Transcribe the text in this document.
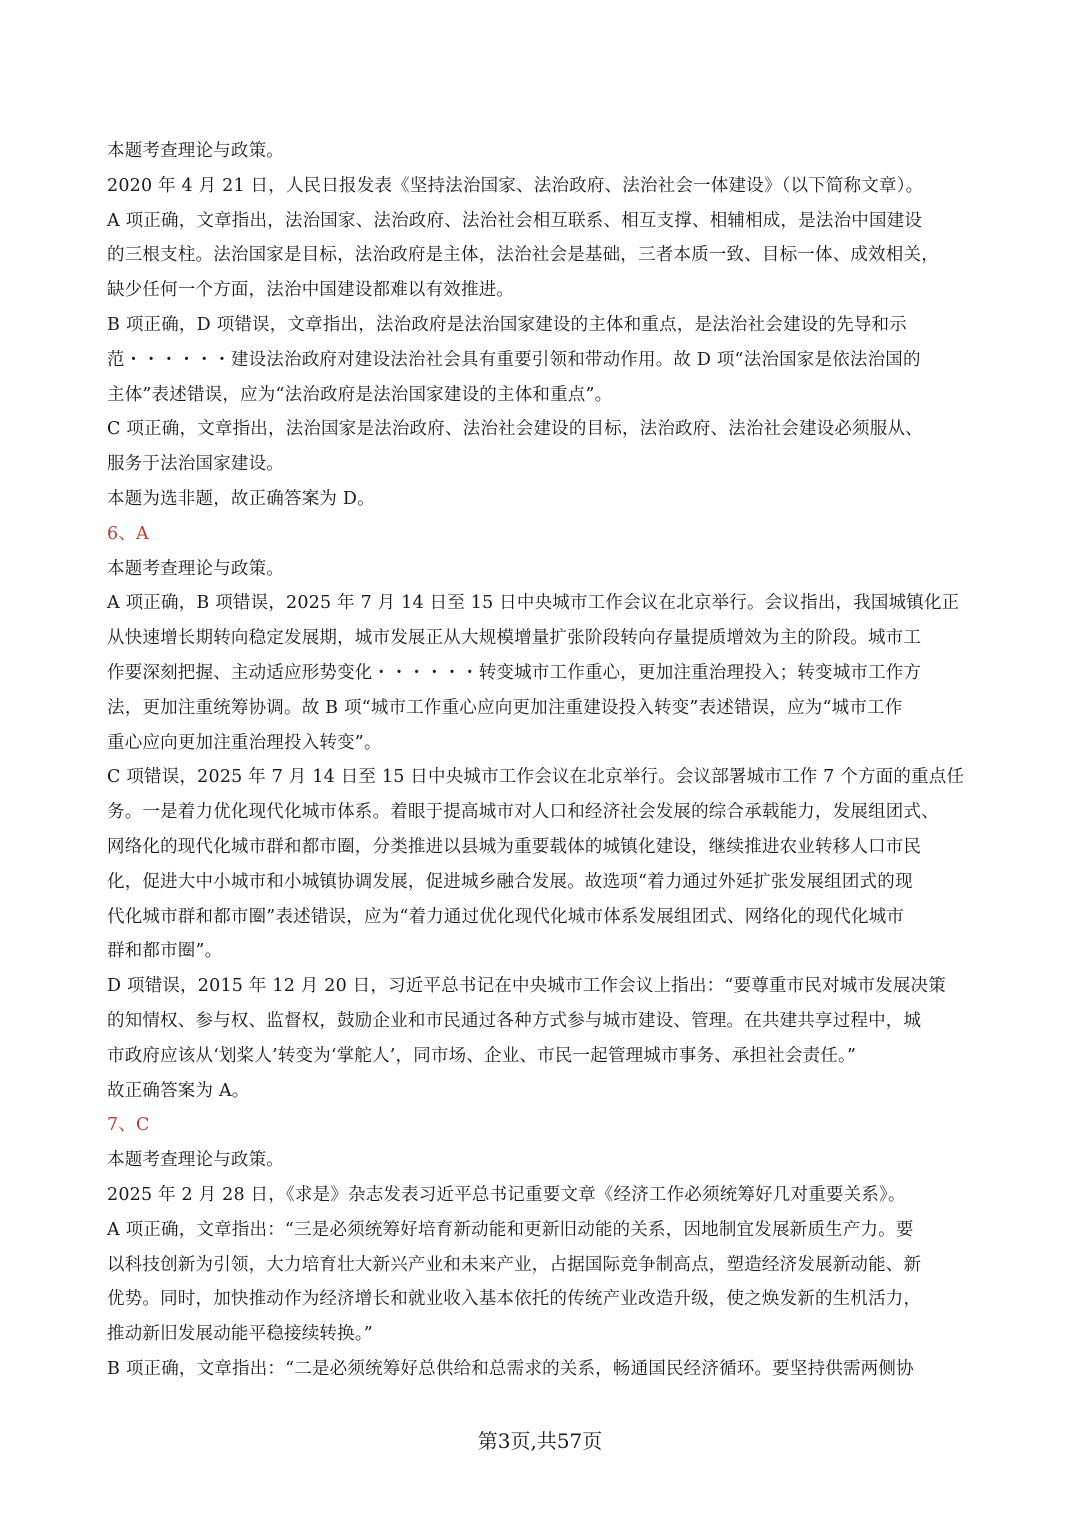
本题考查理论与政策。
2020 年 4 月 21 日，人民日报发表《坚持法治国家、法治政府、法治社会一体建设》（以下简称文章）。
A 项正确，文章指出，法治国家、法治政府、法治社会相互联系、相互支撑、相辅相成，是法治中国建设
的三根支柱。法治国家是目标，法治政府是主体，法治社会是基础，三者本质一致、目标一体、成效相关，
缺少任何一个方面，法治中国建设都难以有效推进。
B 项正确，D 项错误，文章指出，法治政府是法治国家建设的主体和重点，是法治社会建设的先导和示
范・・・・・・建设法治政府对建设法治社会具有重要引领和带动作用。故 D 项“法治国家是依法治国的
主体”表述错误，应为“法治政府是法治国家建设的主体和重点”。
C 项正确，文章指出，法治国家是法治政府、法治社会建设的目标，法治政府、法治社会建设必须服从、
服务于法治国家建设。
本题为选非题，故正确答案为 D。
6、A
本题考查理论与政策。
A 项正确，B 项错误，2025 年 7 月 14 日至 15 日中央城市工作会议在北京举行。会议指出，我国城镇化正
从快速增长期转向稳定发展期，城市发展正从大规模增量扩张阶段转向存量提质增效为主的阶段。城市工
作要深刻把握、主动适应形势变化・・・・・・转变城市工作重心，更加注重治理投入；转变城市工作方
法，更加注重统筹协调。故 B 项“城市工作重心应向更加注重建设投入转变”表述错误，应为“城市工作
重心应向更加注重治理投入转变”。
C 项错误，2025 年 7 月 14 日至 15 日中央城市工作会议在北京举行。会议部署城市工作 7 个方面的重点任
务。一是着力优化现代化城市体系。着眼于提高城市对人口和经济社会发展的综合承载能力，发展组团式、
网络化的现代化城市群和都市圈，分类推进以县城为重要载体的城镇化建设，继续推进农业转移人口市民
化，促进大中小城市和小城镇协调发展，促进城乡融合发展。故选项“着力通过外延扩张发展组团式的现
代化城市群和都市圈”表述错误，应为“着力通过优化现代化城市体系发展组团式、网络化的现代化城市
群和都市圈”。
D 项错误，2015 年 12 月 20 日，习近平总书记在中央城市工作会议上指出：“要尊重市民对城市发展决策
的知情权、参与权、监督权，鼓励企业和市民通过各种方式参与城市建设、管理。在共建共享过程中，城
市政府应该从‘划桨人’转变为‘掌舵人’，同市场、企业、市民一起管理城市事务、承担社会责任。”
故正确答案为 A。
7、C
本题考查理论与政策。
2025 年 2 月 28 日，《求是》杂志发表习近平总书记重要文章《经济工作必须统筹好几对重要关系》。
A 项正确，文章指出：“三是必须统筹好培育新动能和更新旧动能的关系，因地制宜发展新质生产力。要
以科技创新为引领，大力培育壮大新兴产业和未来产业，占据国际竞争制高点，塑造经济发展新动能、新
优势。同时，加快推动作为经济增长和就业收入基本依托的传统产业改造升级，使之焕发新的生机活力，
推动新旧发展动能平稳接续转换。”
B 项正确，文章指出：“二是必须统筹好总供给和总需求的关系，畅通国民经济循环。要坚持供需两侧协
第3页,共57页
